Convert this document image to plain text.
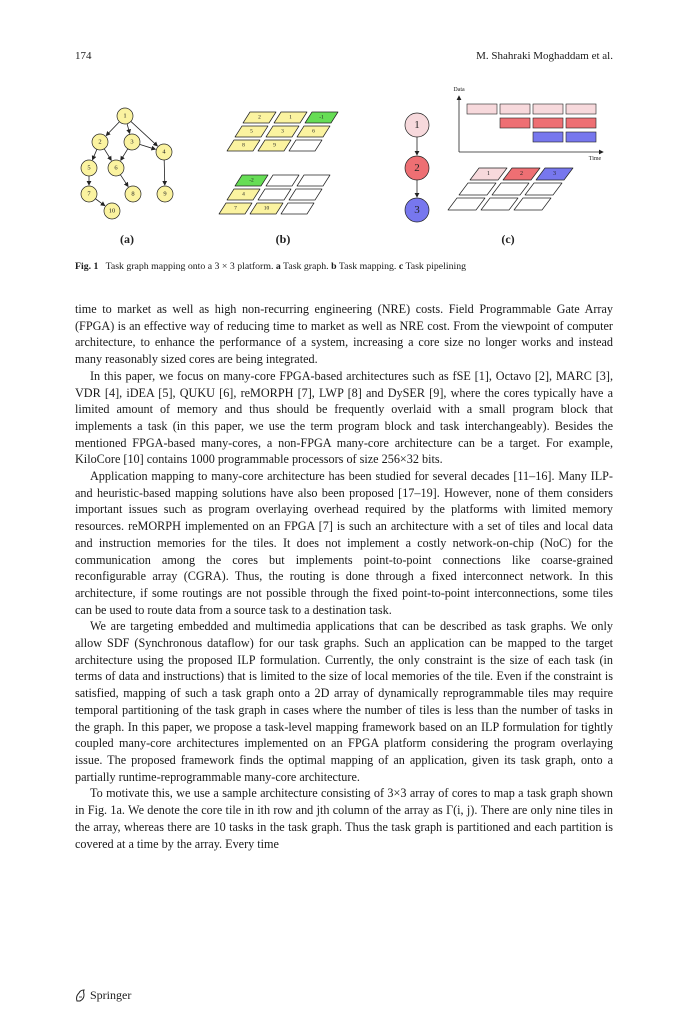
174	M. Shahraki Moghaddam et al.
1
2	3
4
5	6
7	8	9
10
(a)
2	1	-1
5	3	6
8	9
-2
4
7	10
(b)
1
2
3
Data
Time
1	2	3
(c)
Fig. 1 Task graph mapping onto a 3 × 3 platform. a Task graph. b Task mapping. c Task pipelining

time to market as well as high non-recurring engineering (NRE) costs. Field Programmable Gate Array (FPGA) is an effective way of reducing time to market as well as NRE cost. From the viewpoint of computer architecture, to enhance the performance of a system, increasing a core size no longer works and instead many reasonably sized cores are being integrated.

In this paper, we focus on many-core FPGA-based architectures such as fSE [1], Octavo [2], MARC [3], VDR [4], iDEA [5], QUKU [6], reMORPH [7], LWP [8] and DySER [9], where the cores typically have a limited amount of memory and thus should be frequently overlaid with a small program block that implements a task (in this paper, we use the term program block and task interchangeably). Besides the mentioned FPGA-based many-cores, a non-FPGA many-core architecture can be a target. For example, KiloCore [10] contains 1000 programmable processors of size 256×32 bits.

Application mapping to many-core architecture has been studied for several decades [11–16]. Many ILP- and heuristic-based mapping solutions have also been proposed [17–19]. However, none of them considers important issues such as program overlaying overhead required by the platforms with limited memory resources. reMORPH implemented on an FPGA [7] is such an architecture with a set of tiles and local data and instruction memories for the tiles. It does not implement a costly network-on-chip (NoC) for the communication among the cores but implements point-to-point connections like coarse-grained reconfigurable array (CGRA). Thus, the routing is done through a fixed interconnect network. In this architecture, if some routings are not possible through the fixed point-to-point interconnections, some tiles can be used to route data from a source task to a destination task.

We are targeting embedded and multimedia applications that can be described as task graphs. We only allow SDF (Synchronous dataflow) for our task graphs. Such an application can be mapped to the target architecture using the proposed ILP formulation. Currently, the only constraint is the size of each task (in terms of data and instructions) that is limited to the size of local memories of the tile. Even if the constraint is satisfied, mapping of such a task graph onto a 2D array of dynamically reprogrammable tiles may require temporal partitioning of the task graph in cases where the number of tiles is less than the number of tasks in the graph. In this paper, we propose a task-level mapping framework based on an ILP formulation for tightly coupled many-core architectures implemented on an FPGA platform considering the program overlaying issue. The proposed framework finds the optimal mapping of an application, given its task graph, onto a partially runtime-reprogrammable many-core architecture.

To motivate this, we use a sample architecture consisting of 3×3 array of cores to map a task graph shown in Fig. 1a. We denote the core tile in ith row and jth column of the array as Γ(i, j). There are only nine tiles in the array, whereas there are 10 tasks in the task graph. Thus the task graph is partitioned and each partition is covered at a time by the array. Every time

Springer
